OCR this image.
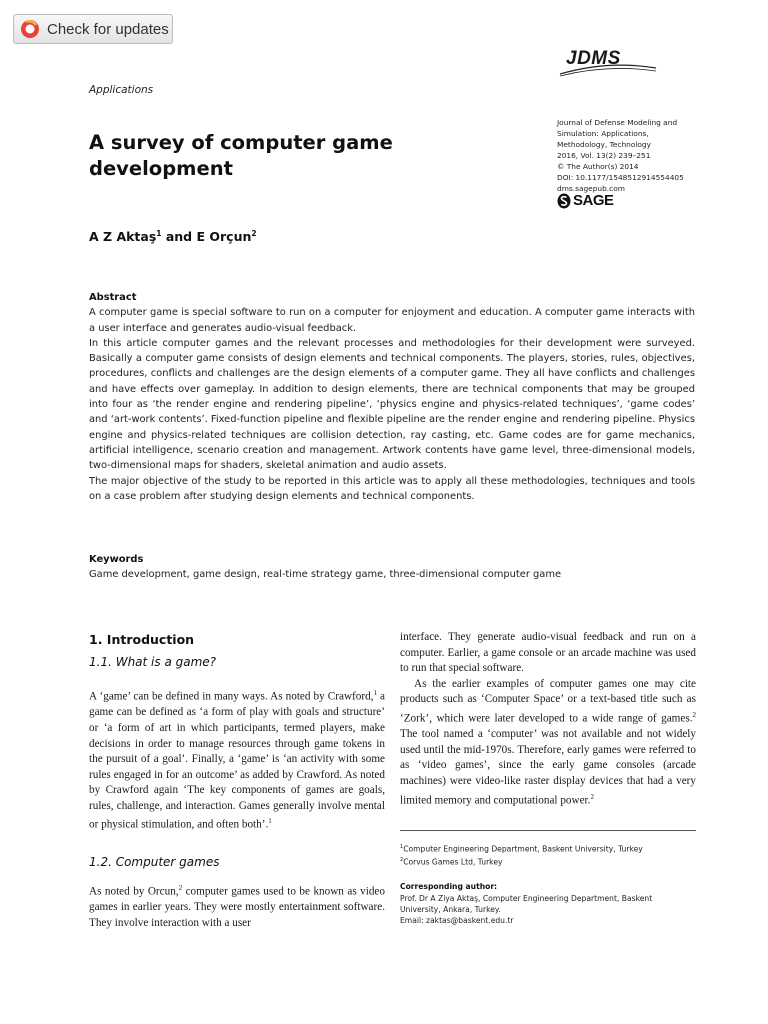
Check for updates
Applications
JDMS
Journal of Defense Modeling and
Simulation: Applications,
Methodology, Technology
2016, Vol. 13(2) 239–251
© The Author(s) 2014
DOI: 10.1177/1548512914554405
dms.sagepub.com
SAGE
A survey of computer game development
A Z Aktaş$^1$ and E Orçun$^2$
Abstract

A computer game is special software to run on a computer for enjoyment and education. A computer game interacts with a user interface and generates audio-visual feedback.

In this article computer games and the relevant processes and methodologies for their development were surveyed. Basically a computer game consists of design elements and technical components. The players, stories, rules, objectives, procedures, conflicts and challenges are the design elements of a computer game. They all have conflicts and challenges and have effects over gameplay. In addition to design elements, there are technical components that may be grouped into four as ‘the render engine and rendering pipeline’, ‘physics engine and physics-related techniques’, ‘game codes’ and ‘art-work contents’. Fixed-function pipeline and flexible pipeline are the render engine and rendering pipeline. Physics engine and physics-related techniques are collision detection, ray casting, etc. Game codes are for game mechanics, artificial intelligence, scenario creation and management. Artwork contents have game level, three-dimensional models, two-dimensional maps for shaders, skeletal animation and audio assets.

The major objective of the study to be reported in this article was to apply all these methodologies, techniques and tools on a case problem after studying design elements and technical components.

Keywords
Game development, game design, real-time strategy game, three-dimensional computer game
1. Introduction
1.1. What is a game?

A ‘game’ can be defined in many ways. As noted by Crawford,$^1$ a game can be defined as ‘a form of play with goals and structure’ or ‘a form of art in which participants, termed players, make decisions in order to manage resources through game tokens in the pursuit of a goal’. Finally, a ‘game’ is ‘an activity with some rules engaged in for an outcome’ as added by Crawford. As noted by Crawford again ‘The key components of games are goals, rules, challenge, and interaction. Games generally involve mental or physical stimulation, and often both’.$^1$

1.2. Computer games

As noted by Orcun,$^2$ computer games used to be known as video games in earlier years. They were mostly entertainment software. They involve interaction with a user

interface. They generate audio-visual feedback and run on a computer. Earlier, a game console or an arcade machine was used to run that special software.

As the earlier examples of computer games one may cite products such as ‘Computer Space’ or a text-based title such as ‘Zork’, which were later developed to a wide range of games.$^2$ The tool named a ‘computer’ was not available and not widely used until the mid-1970s. Therefore, early games were referred to as ‘video games’, since the early game consoles (arcade machines) were video-like raster display devices that had a very limited memory and computational power.$^2$

$^1$Computer Engineering Department, Baskent University, Turkey
$^2$Corvus Games Ltd, Turkey
Corresponding author:
Prof. Dr A Ziya Aktaş, Computer Engineering Department, Baskent
University, Ankara, Turkey.
Email: zaktas@baskent.edu.tr
